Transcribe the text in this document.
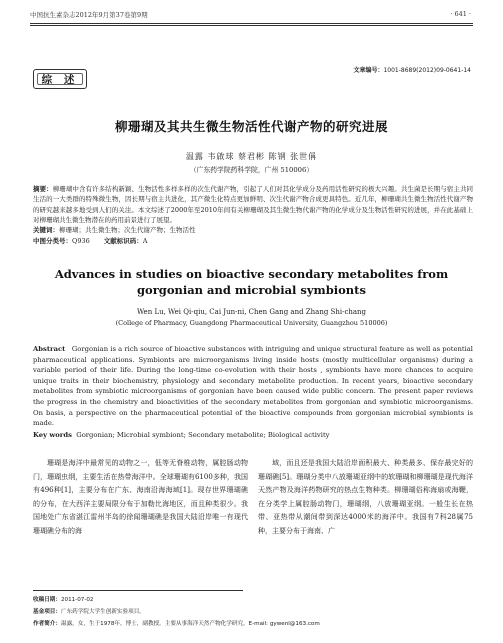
中国抗生素杂志2012年9月第37卷第9期	· 641 ·
综 述
文章编号：1001-8689(2012)09-0641-14
柳珊瑚及其共生微生物活性代谢产物的研究进展
温露 韦啟球 蔡君彬 陈钢 张世偁
（广东药学院药科学院，广州 510006）
摘要：柳珊瑚中含有许多结构新颖、生物活性多样多样的次生代谢产物，引起了人们对其化学成分及药用活性研究的极大兴趣。共生菌是长期与宿主共同生活的一大类群的特殊微生物，因长期与宿主共进化，其产微生化特点更加鲜明、次生代谢产物合成更具特色。近几年，柳珊瑚共生微生物活性代谢产物的研究越来越多地受到人们的关注。本文综述了2000年至2010年间有关柳珊瑚及其生微生物代谢产物的化学成分及生物活性研究的进展，并在此基础上对柳珊瑚共生微生物潜在的药用前景进行了展望。
关键词：柳珊瑚；共生微生物；次生代谢产物；生物活性
中图分类号：Q936 文献标识码：A
Advances in studies on bioactive secondary metabolites from gorgonian and microbial symbionts
Wen Lu, Wei Qi-qiu, Cai Jun-ni, Chen Gang and Zhang Shi-chang
(College of Pharmacy, Guangdong Pharmaceutical University, Guangzhou 510006)
Abstract Gorgonian is a rich source of bioactive substances with intriguing and unique structural feature as well as potential pharmaceutical applications. Symbionts are microorganisms living inside hosts (mostly multicellular organisms) during a variable period of their life. During the long-time co-evolution with their hosts , symbionts have more chances to acquire unique traits in their biochemistry, physiology and secondary metabolite production. In recent years, bioactive secondary metabolites from symbiotic microorganisms of gorgonian have been caused wide public concern. The present paper reviews the progress in the chemistry and bioactivities of the secondary metabolites from gorgonian and symbiotic microorganisms. On basis, a perspective on the pharmaceutical potential of the bioactive compounds from gorgonian microbial symbionts is made.
Key words Gorgonian; Microbial symbiont; Secondary metabolite; Biological activity
珊瑚是海洋中最常见的动物之一，低等无脊椎动物，属腔肠动物门，珊瑚虫纲，主要生活在热带海洋中。全球珊瑚有6100多种，我国有496种[1]，主要分布在广东、海南沿海海域[1]。现存世界珊瑚礁的分布，在大西洋主要局限分布于加勒比海地区，而且种类很少。我国地处广东省湛江雷州半岛的徐闻珊瑚礁是我国大陆沿岸唯一有现代珊瑚礁分布的海
域，而且还是我国大陆沿岸面积最大、种类最多、保存最完好的珊瑚礁[5]。珊瑚分类中八放珊瑚亚纲中的软珊瑚和柳珊瑚是现代海洋天然产物及海洋药物研究的热点生物种类。柳珊瑚俗称海扇或海鞭，在分类学上属腔肠动物门，珊瑚纲，八放珊瑚亚纲。一般生长在热带、亚热带从潮间带到深达4000米的海洋中。我国有7科28属75种，主要分布于海南、广
收稿日期：2011-07-02
基金项目：广东药学院大学生创新实验项目。
作者简介：温露，女，生于1978年，博士，副教授。主要从事海洋天然产物化学研究。E-mail: gywenl@163.com
